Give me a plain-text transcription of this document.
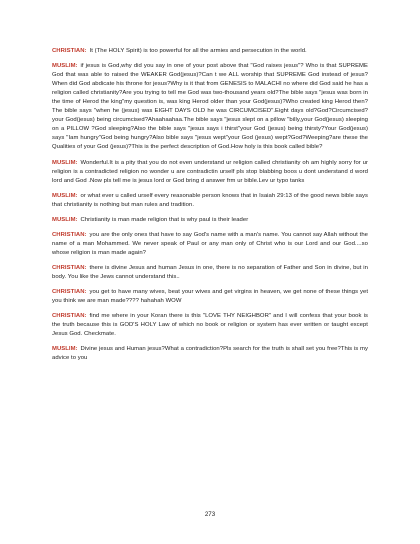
CHRISTIAN: It (The HOLY Spirit) is too powerful for all the armies and persecution in the world.

MUSLIM: if jesus is God,why did you say in one of your post above that "God raises jesus"? Who is that SUPREME God that was able to raised the WEAKER God(jesus)?Can t we ALL worship that SUPREME God instead of jesus?When did God abdicate his throne for jesus?Why is it that from GENESIS to MALACHI no where did God said he has a religion called christianity?Are you trying to tell me God was two-thousand years old?The bible says "jesus was born in the time of Herod the king"my question is, was king Herod older than your God(jesus)?Who created king Herod then?The bible says "when he (jesus) was EIGHT DAYS OLD he was CIRCUMCISED".Eight days old?God?Circumcised?your God(jesus) being circumcised?Ahaahaahaa.The bible says "jesus slept on a pillow "billy,your God(jesus) sleeping on a PILLOW ?God sleeping?Also the bible says "jesus says i thirst"your God (jesus) being thirsty?Your God(jesus) says "Iam hungry"God being hungry?Also bible says "jesus wept"your God (jesus) wept?God?Weeping?are these the Qualities of your God (jesus)?This is the perfect description of God.How holy is this book called bible?

MUSLIM: Wonderful.It is a pity that you do not even understand ur religion called christianity oh am highly sorry for ur religion is a contradicted religion no wonder u are contradictin urself pls stop blabbing boos u dont understand d word lord and God .Now pls tell me is jesus lord or God bring d answer frm ur bible.Lev ur typo tanks

MUSLIM: or what ever u called urself every reasonable person knows that in Isaiah 29:13 of the good news bible says that christianity is nothing but man rules and tradition.

MUSLIM: Christianity is man made religion that is why paul is their leader

CHRISTIAN: you are the only ones that have to say God's name with a man's name. You cannot say Allah without the name of a man Mohammed. We never speak of Paul or any man only of Christ who is our Lord and our God....so whose religion is man made again?

CHRISTIAN: there is divine Jesus and human Jesus in one, there is no separation of Father and Son in divine, but in body. You like the Jews cannot understand this..

CHRISTIAN: you get to have many wives, beat your wives and get virgins in heaven, we get none of these things yet you think we are man made???? hahahah WOW

CHRISTIAN: find me where in your Koran there is this "LOVE THY NEIGHBOR" and I will confess that your book is the truth because this is GOD'S HOLY Law of which no book or religion or system has ever written or taught except Jesus God. Checkmate.

MUSLIM: Divine jesus and Human jesus?What a contradiction?Pls search for the truth is shall set you free?This is my advice to you

273
